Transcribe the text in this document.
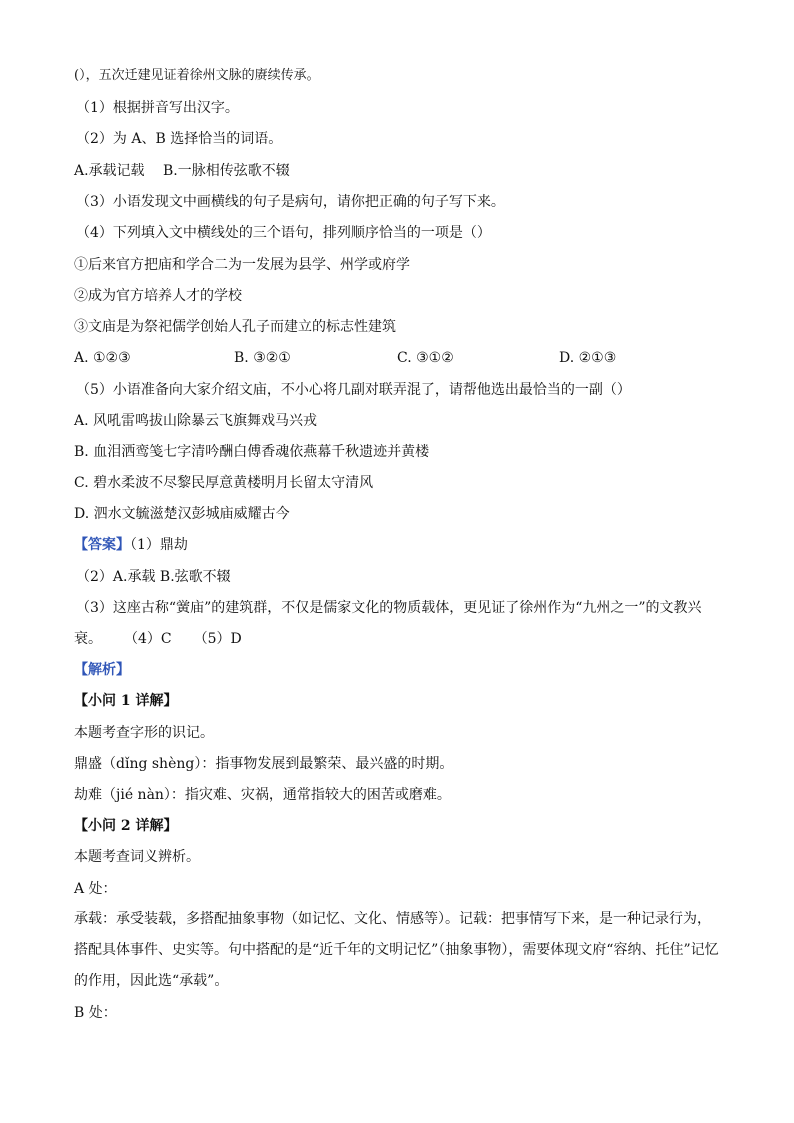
(），五次迁建见证着徐州文脉的赓续传承。
（1）根据拼音写出汉字。
（2）为 A、B 选择恰当的词语。
A.承载记载　 B.一脉相传弦歌不辍
（3）小语发现文中画横线的句子是病句，请你把正确的句子写下来。
（4）下列填入文中横线处的三个语句，排列顺序恰当的一项是（）
①后来官方把庙和学合二为一发展为县学、州学或府学
②成为官方培养人才的学校
③文庙是为祭祀儒学创始人孔子而建立的标志性建筑
A. ①②③	B. ③②①	C. ③①②	D. ②①③
（5）小语准备向大家介绍文庙，不小心将几副对联弄混了，请帮他选出最恰当的一副（）
A. 风吼雷鸣拔山除暴云飞旗舞戏马兴戎
B. 血泪洒鸾笺七字清吟酬白傅香魂依燕幕千秋遗迹并黄楼
C. 碧水柔波不尽黎民厚意黄楼明月长留太守清风
D. 泗水文毓滋楚汉彭城庙威耀古今
【答案】（1）鼎劫
（2）A.承载 B.弦歌不辍
（3）这座古称“黉庙”的建筑群，不仅是儒家文化的物质载体，更见证了徐州作为“九州之一”的文教兴
衰。 （4）C （5）D
【解析】
【小问 1 详解】
本题考查字形的识记。
鼎盛（dǐng shèng）：指事物发展到最繁荣、最兴盛的时期。
劫难（jié nàn）：指灾难、灾祸，通常指较大的困苦或磨难。
【小问 2 详解】
本题考查词义辨析。
A 处：
承载：承受装载，多搭配抽象事物（如记忆、文化、情感等）。记载：把事情写下来，是一种记录行为，搭配具体事件、史实等。句中搭配的是“近千年的文明记忆”（抽象事物），需要体现文府“容纳、托住”记忆的作用，因此选“承载”。
B 处：
